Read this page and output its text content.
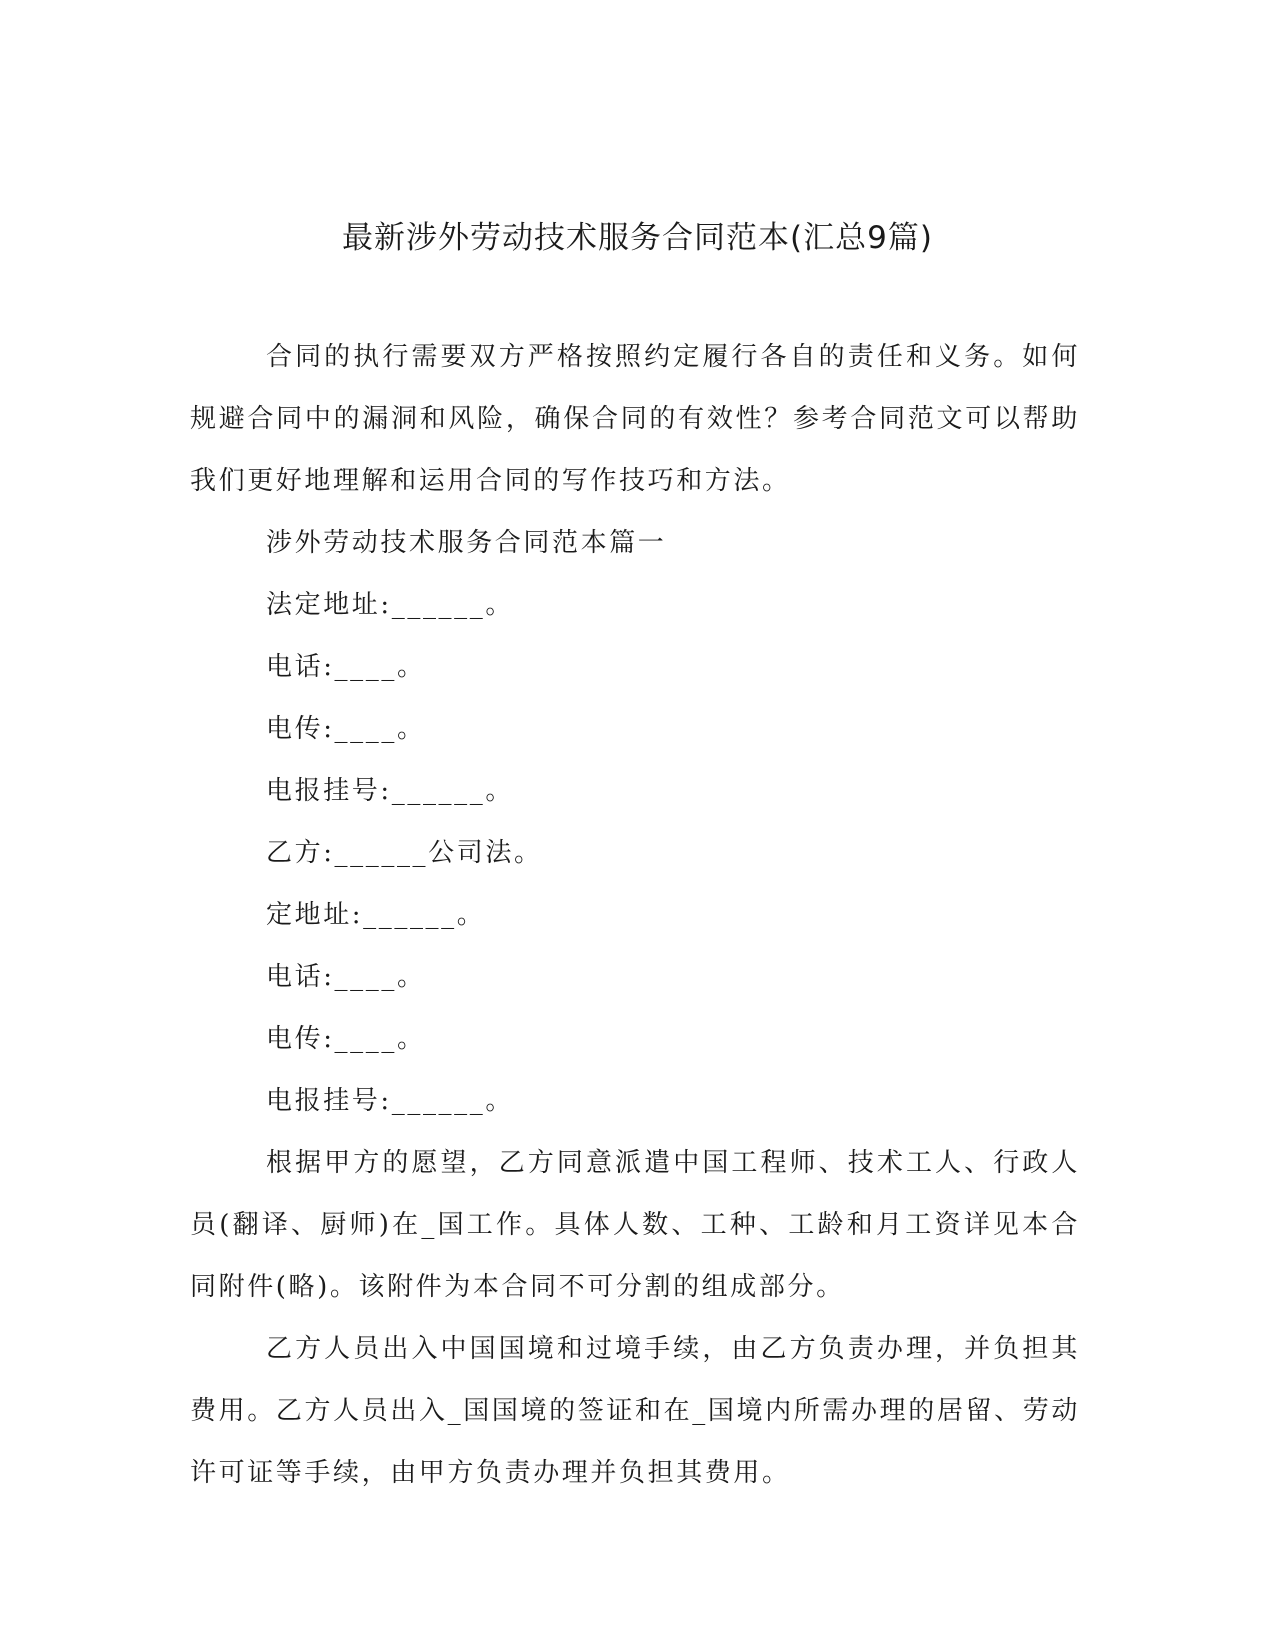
最新涉外劳动技术服务合同范本(汇总9篇)

合同的执行需要双方严格按照约定履行各自的责任和义务。如何规避合同中的漏洞和风险，确保合同的有效性？参考合同范文可以帮助我们更好地理解和运用合同的写作技巧和方法。

涉外劳动技术服务合同范本篇一

法定地址:______。

电话:____。

电传:____。

电报挂号:______。

乙方:______公司法。

定地址:______。

电话:____。

电传:____。

电报挂号:______。

根据甲方的愿望，乙方同意派遣中国工程师、技术工人、行政人员(翻译、厨师)在_国工作。具体人数、工种、工龄和月工资详见本合同附件(略)。该附件为本合同不可分割的组成部分。

乙方人员出入中国国境和过境手续，由乙方负责办理，并负担其费用。乙方人员出入_国国境的签证和在_国境内所需办理的居留、劳动许可证等手续，由甲方负责办理并负担其费用。
